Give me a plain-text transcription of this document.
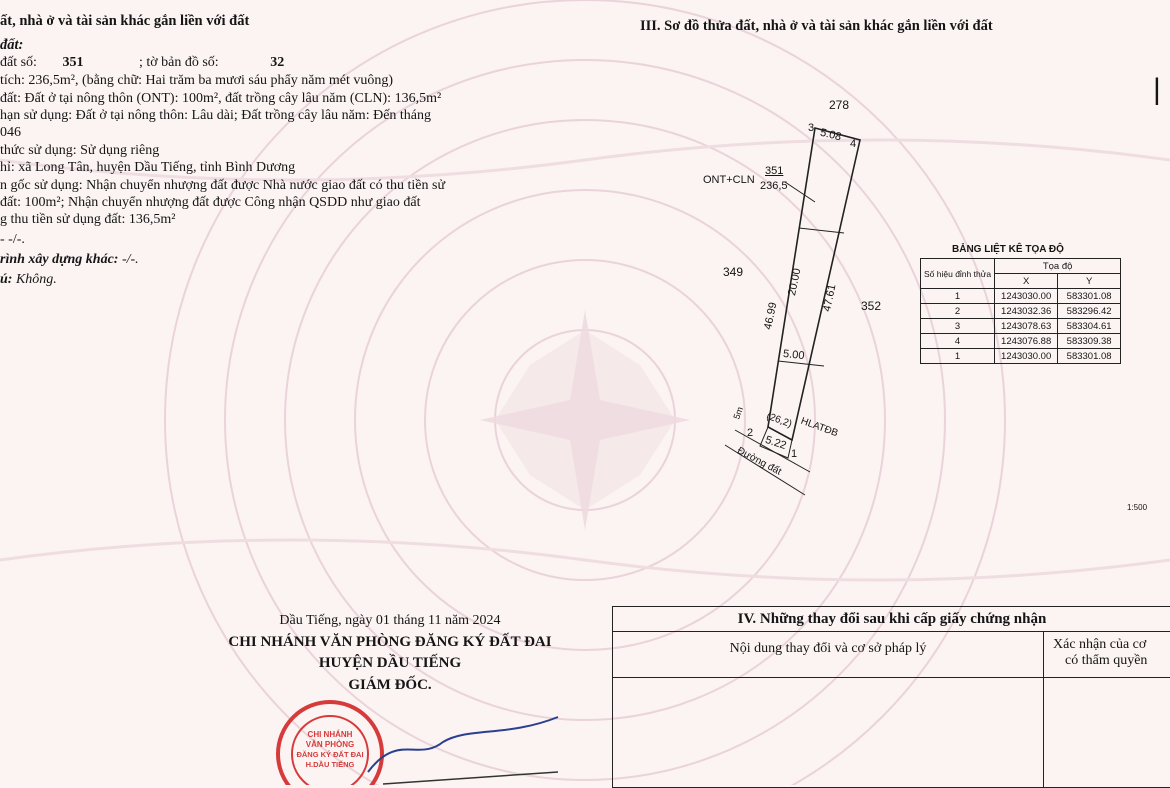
ất, nhà ở và tài sản khác gắn liền với đất
đất:
đất số: 351	; tờ bản đồ số:	32
tích: 236,5m², (bằng chữ: Hai trăm ba mươi sáu phẩy năm mét vuông)
đất: Đất ở tại nông thôn (ONT): 100m², đất trồng cây lâu năm (CLN): 136,5m²
hạn sử dụng: Đất ở tại nông thôn: Lâu dài; Đất trồng cây lâu năm: Đến tháng
046
thức sử dụng: Sử dụng riêng
hỉ: xã Long Tân, huyện Dầu Tiếng, tỉnh Bình Dương
n gốc sử dụng: Nhận chuyển nhượng đất được Nhà nước giao đất có thu tiền sử
đất: 100m²; Nhận chuyển nhượng đất được Công nhận QSDD như giao đất
g thu tiền sử dụng đất: 136,5m²
- -/-.
rình xây dựng khác: -/-.
ú: Không.
Dầu Tiếng, ngày 01 tháng 11 năm 2024
CHI NHÁNH VĂN PHÒNG ĐĂNG KÝ ĐẤT ĐAI
HUYỆN DẦU TIẾNG
GIÁM ĐỐC.
CHI NHÁNH
VĂN PHÒNG
ĐĂNG KÝ ĐẤT ĐAI
H.DẦU TIẾNG
III. Sơ đồ thửa đất, nhà ở và tài sản khác gắn liền với đất
278
3 5.08
4
ONT+CLN
351
236,5
349
352
46.99
20.00
47.61
5.00
5m (26,2) HLATĐB
2
5.22
1
Đường đất
1:500
|
BẢNG LIỆT KÊ TỌA ĐỘ
Số hiệu đỉnh thửa	Tọa độ	
	X	Y
1	1243030.00	583301.08
2	1243032.36	583296.42
3	1243078.63	583304.61
4	1243076.88	583309.38
1	1243030.00	583301.08
IV. Những thay đổi sau khi cấp giấy chứng nhận
Nội dung thay đổi và cơ sở pháp lý	Xác nhận của cơ
có thẩm quyền
